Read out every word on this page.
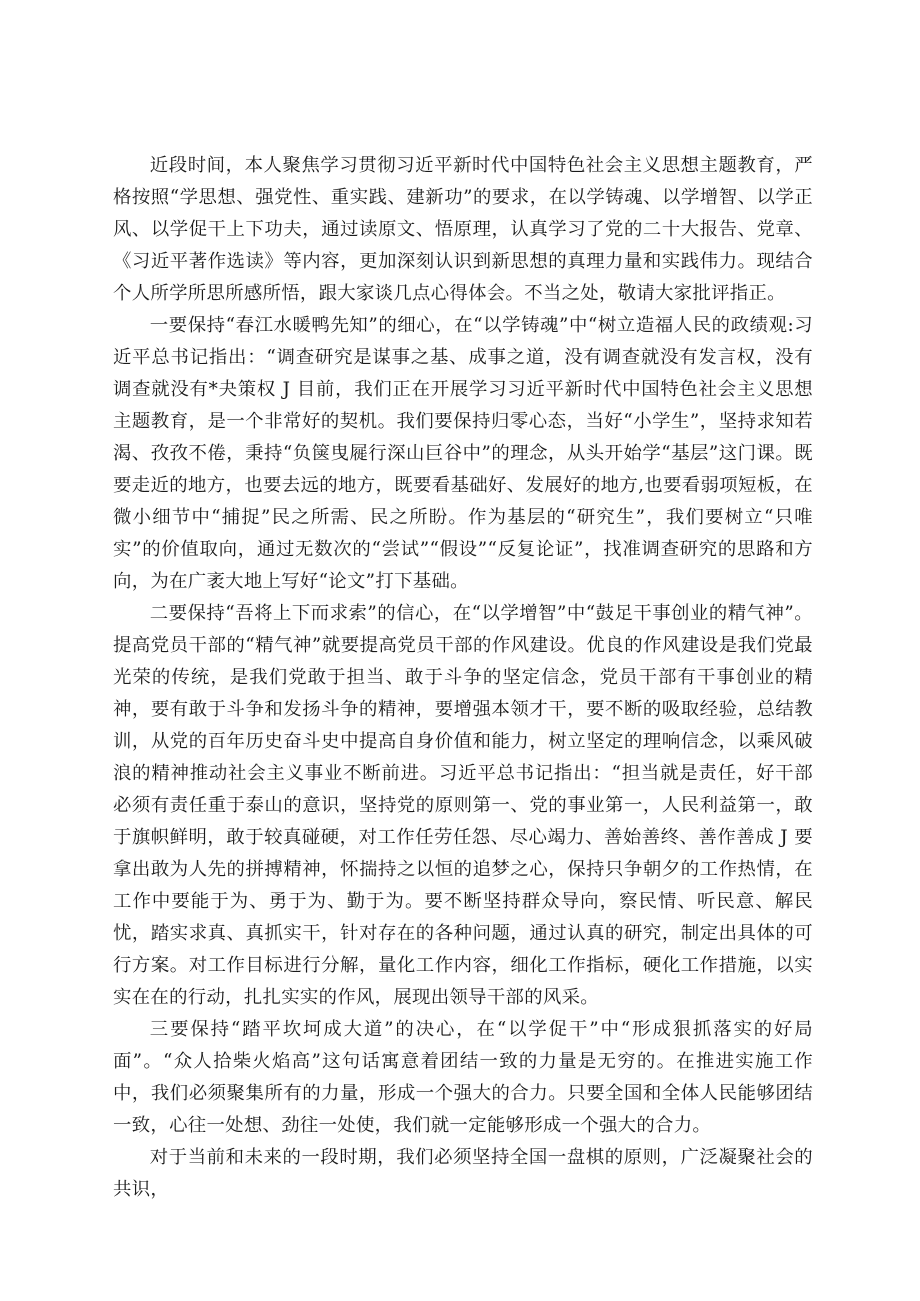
近段时间，本人聚焦学习贯彻习近平新时代中国特色社会主义思想主题教育，严格按照“学思想、强党性、重实践、建新功”的要求，在以学铸魂、以学增智、以学正风、以学促干上下功夫，通过读原文、悟原理，认真学习了党的二十大报告、党章、《习近平著作选读》等内容，更加深刻认识到新思想的真理力量和实践伟力。现结合个人所学所思所感所悟，跟大家谈几点心得体会。不当之处，敬请大家批评指正。

一要保持“春江水暖鸭先知”的细心，在“以学铸魂”中“树立造福人民的政绩观:习近平总书记指出：“调查研究是谋事之基、成事之道，没有调查就没有发言权，没有调查就没有*夬策权 J 目前，我们正在开展学习习近平新时代中国特色社会主义思想主题教育，是一个非常好的契机。我们要保持归零心态，当好“小学生”，坚持求知若渴、孜孜不倦，秉持“负箧曳屣行深山巨谷中”的理念，从头开始学“基层”这门课。既要走近的地方，也要去远的地方，既要看基础好、发展好的地方,也要看弱项短板，在微小细节中“捕捉”民之所需、民之所盼。作为基层的“研究生”，我们要树立“只唯实”的价值取向，通过无数次的“尝试”“假设”“反复论证”，找准调查研究的思路和方向，为在广袤大地上写好“论文”打下基础。

二要保持“吾将上下而求索”的信心，在“以学增智”中“鼓足干事创业的精气神”。提高党员干部的“精气神”就要提高党员干部的作风建设。优良的作风建设是我们党最光荣的传统，是我们党敢于担当、敢于斗争的坚定信念，党员干部有干事创业的精神，要有敢于斗争和发扬斗争的精神，要增强本领才干，要不断的吸取经验，总结教训，从党的百年历史奋斗史中提高自身价值和能力，树立坚定的理响信念，以乘风破浪的精神推动社会主义事业不断前进。习近平总书记指出：“担当就是责任，好干部必须有责任重于泰山的意识，坚持党的原则第一、党的事业第一，人民利益第一，敢于旗帜鲜明，敢于较真碰硬，对工作任劳任怨、尽心竭力、善始善终、善作善成 J 要拿出敢为人先的拼搏精神，怀揣持之以恒的追梦之心，保持只争朝夕的工作热情，在工作中要能于为、勇于为、勤于为。要不断坚持群众导向，察民情、听民意、解民忧，踏实求真、真抓实干，针对存在的各种问题，通过认真的研究，制定出具体的可行方案。对工作目标进行分解，量化工作内容，细化工作指标，硬化工作措施，以实实在在的行动，扎扎实实的作风，展现出领导干部的风采。

三要保持“踏平坎坷成大道”的决心，在“以学促干”中“形成狠抓落实的好局面”。“众人拾柴火焰高”这句话寓意着团结一致的力量是无穷的。在推进实施工作中，我们必须聚集所有的力量，形成一个强大的合力。只要全国和全体人民能够团结一致，心往一处想、劲往一处使，我们就一定能够形成一个强大的合力。

对于当前和未来的一段时期，我们必须坚持全国一盘棋的原则，广泛凝聚社会的共识，
